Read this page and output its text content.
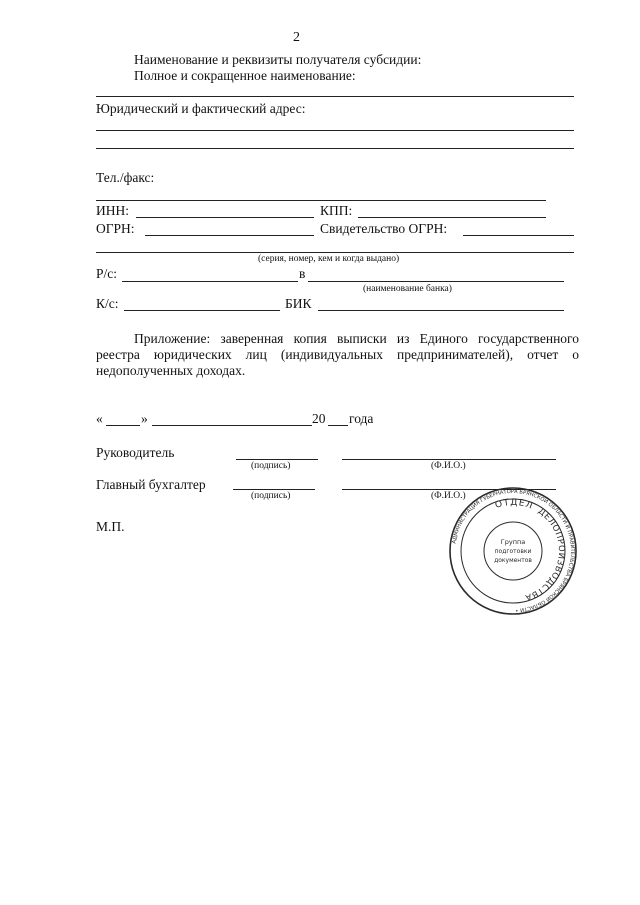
2
Наименование и реквизиты получателя субсидии:
Полное и сокращенное наименование:
Юридический и фактический адрес:
Тел./факс:
ИНН:	КПП:
ОГРН:	Свидетельство ОГРН:
(серия, номер, кем и когда выдано)
Р/с:	в
(наименование банка)
К/с:	БИК
Приложение: заверенная копия выписки из Единого государственного реестра юридических лиц (индивидуальных предпринимателей), отчет о недополученных доходах.
«	»	20 года
Руководитель
(подпись)	(Ф.И.О.)
Главный бухгалтер
(подпись)	(Ф.И.О.)
М.П.
АДМИНИСТРАЦИЯ ГУБЕРНАТОРА БРЯНСКОЙ ОБЛАСТИ И ПРАВИТЕЛЬСТВА БРЯНСКОЙ ОБЛАСТИ •
ОТДЕЛ
ДЕЛОПРОИЗВОДСТВА
Группа
подготовки
документов
